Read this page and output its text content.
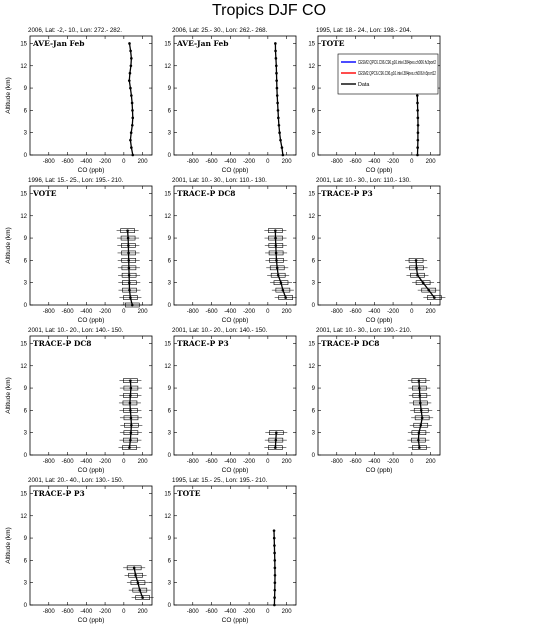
Tropics DJF CO
2006, Lat: -2,- 10., Lon: 272.- 282.
AVE-Jan Feb
-800 -600 -400 -200 0 200
0
3
6
9
12
15
CO (ppb)
Altitude (km)
2006, Lat: 25.- 30., Lon: 262.- 268.
AVE-Jan Feb
-800 -600 -400 -200 0 200
0
3
6
9
12
15
CO (ppb)
1995, Lat: 18.- 24., Lon: 198.- 204.
TOTE
-800 -600 -400 -200 0 200
0
3
6
9
12
15
CO (ppb)
1996, Lat: 15.- 25., Lon: 195.- 210.
VOTE
-800 -600 -400 -200 0 200
0
3
6
9
12
15
CO (ppb)
Altitude (km)
2001, Lat: 10.- 30., Lon: 110.- 130.
TRACE-P DC8
-800 -600 -400 -200 0 200
0
3
6
9
12
15
CO (ppb)
2001, Lat: 10.- 30., Lon: 110.- 130.
TRACE-P P3
-800 -600 -400 -200 0 200
0
3
6
9
12
15
CO (ppb)
2001, Lat: 10.- 20., Lon: 140.- 150.
TRACE-P DC8
-800 -600 -400 -200 0 200
0
3
6
9
12
15
CO (ppb)
Altitude (km)
2001, Lat: 10.- 20., Lon: 140.- 150.
TRACE-P P3
-800 -600 -400 -200 0 200
0
3
6
9
12
15
CO (ppb)
2001, Lat: 10.- 30., Lon: 190.- 210.
TRACE-P DC8
-800 -600 -400 -200 0 200
0
3
6
9
12
15
CO (ppb)
2001, Lat: 20.- 40., Lon: 130.- 150.
TRACE-P P3
-800 -600 -400 -200 0 200
0
3
6
9
12
15
CO (ppb)
Altitude (km)
1995, Lat: 15.- 25., Lon: 195.- 210.
TOTE
-800 -600 -400 -200 0 200
0
3
6
9
12
15
CO (ppb)
CESM2.QPC6.C96.C96.g16.intel.384pes.ch006.fv3port2
CESM2.QPC6.C96.C96.g16.intel.384pes.ch006.fv3port12
Data
